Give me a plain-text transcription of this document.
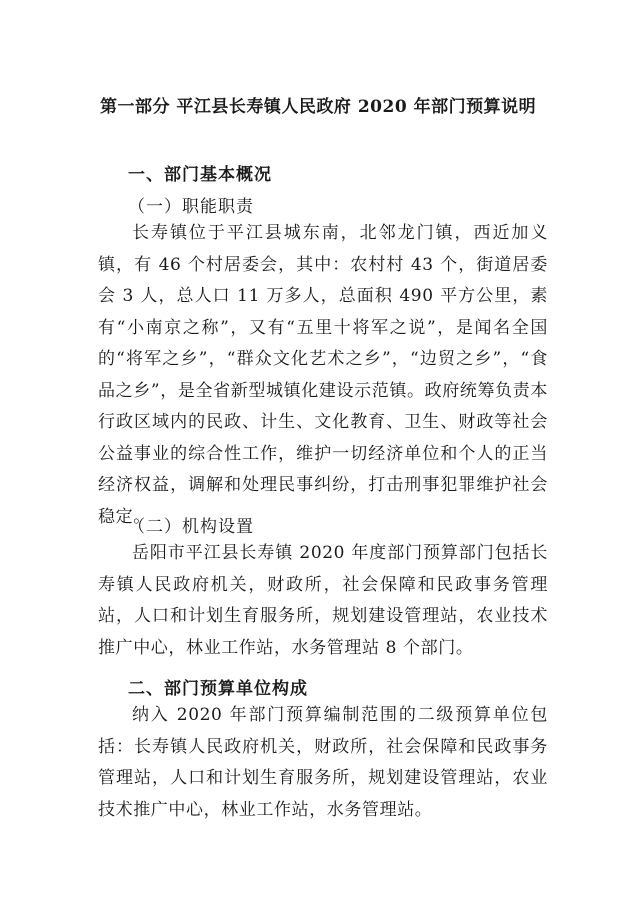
第一部分 平江县长寿镇人民政府 2020 年部门预算说明
一、部门基本概况
（一）职能职责

长寿镇位于平江县城东南，北邻龙门镇，西近加义镇，有 46 个村居委会，其中：农村村 43 个，街道居委会 3 人，总人口 11 万多人，总面积 490 平方公里，素有“小南京之称”，又有“五里十将军之说”，是闻名全国的“将军之乡”，“群众文化艺术之乡”，“边贸之乡”，“食品之乡”，是全省新型城镇化建设示范镇。政府统筹负责本行政区域内的民政、计生、文化教育、卫生、财政等社会公益事业的综合性工作，维护一切经济单位和个人的正当经济权益，调解和处理民事纠纷，打击刑事犯罪维护社会稳定。

（二）机构设置

岳阳市平江县长寿镇 2020 年度部门预算部门包括长寿镇人民政府机关，财政所，社会保障和民政事务管理站，人口和计划生育服务所，规划建设管理站，农业技术推广中心，林业工作站，水务管理站 8 个部门。

二、部门预算单位构成

纳入 2020 年部门预算编制范围的二级预算单位包括：长寿镇人民政府机关，财政所，社会保障和民政事务管理站，人口和计划生育服务所，规划建设管理站，农业技术推广中心，林业工作站，水务管理站。
